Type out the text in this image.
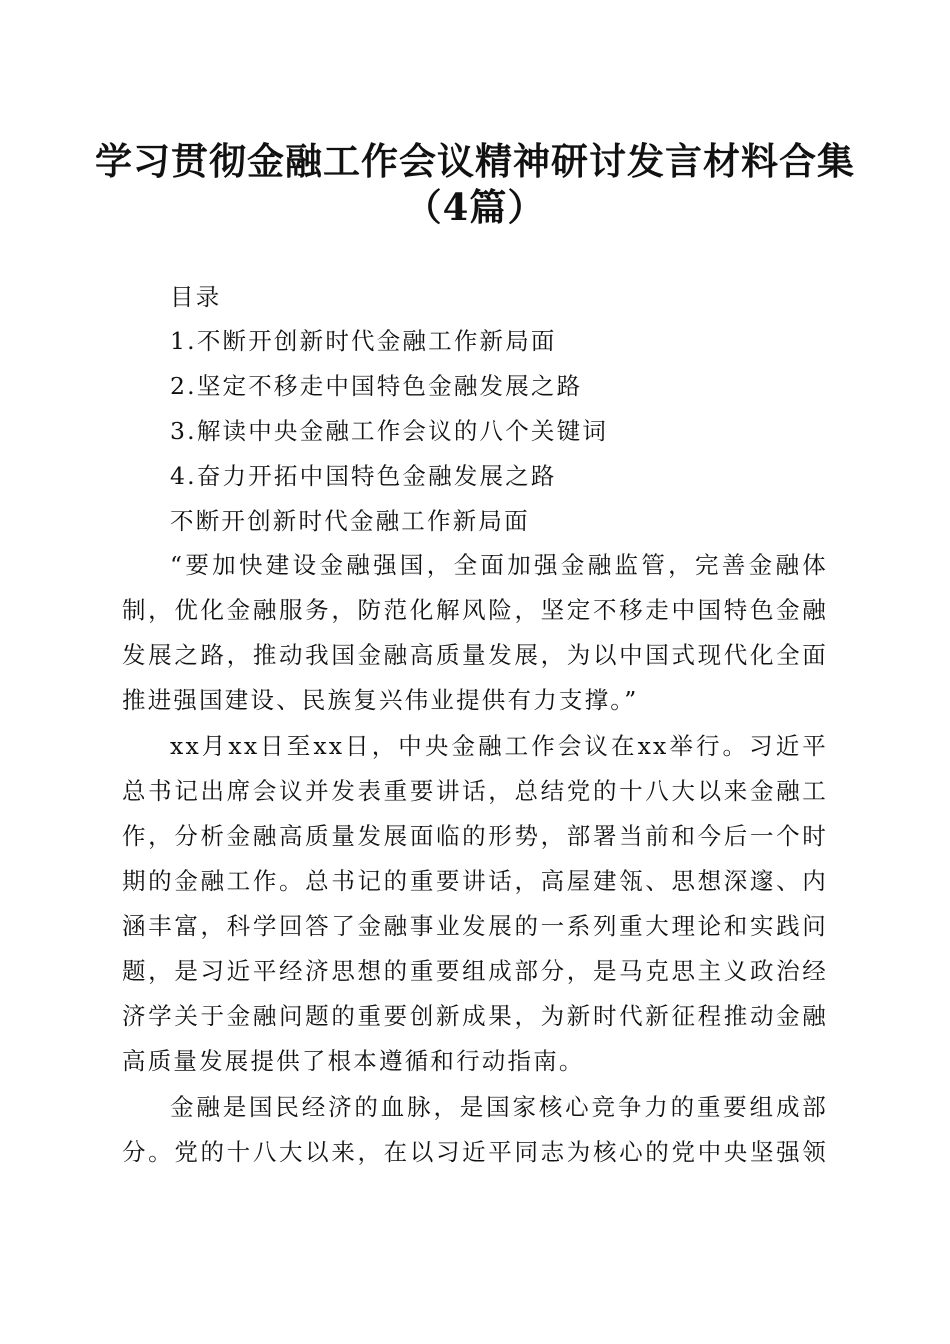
学习贯彻金融工作会议精神研讨发言材料合集
（4篇）
目录
1.不断开创新时代金融工作新局面
2.坚定不移走中国特色金融发展之路
3.解读中央金融工作会议的八个关键词
4.奋力开拓中国特色金融发展之路
不断开创新时代金融工作新局面
“要加快建设金融强国，全面加强金融监管，完善金融体
制，优化金融服务，防范化解风险，坚定不移走中国特色金融
发展之路，推动我国金融高质量发展，为以中国式现代化全面
推进强国建设、民族复兴伟业提供有力支撑。”
xx月xx日至xx日，中央金融工作会议在xx举行。习近平
总书记出席会议并发表重要讲话，总结党的十八大以来金融工
作，分析金融高质量发展面临的形势，部署当前和今后一个时
期的金融工作。总书记的重要讲话，高屋建瓴、思想深邃、内
涵丰富，科学回答了金融事业发展的一系列重大理论和实践问
题，是习近平经济思想的重要组成部分，是马克思主义政治经
济学关于金融问题的重要创新成果，为新时代新征程推动金融
高质量发展提供了根本遵循和行动指南。
金融是国民经济的血脉，是国家核心竞争力的重要组成部
分。党的十八大以来，在以习近平同志为核心的党中央坚强领
